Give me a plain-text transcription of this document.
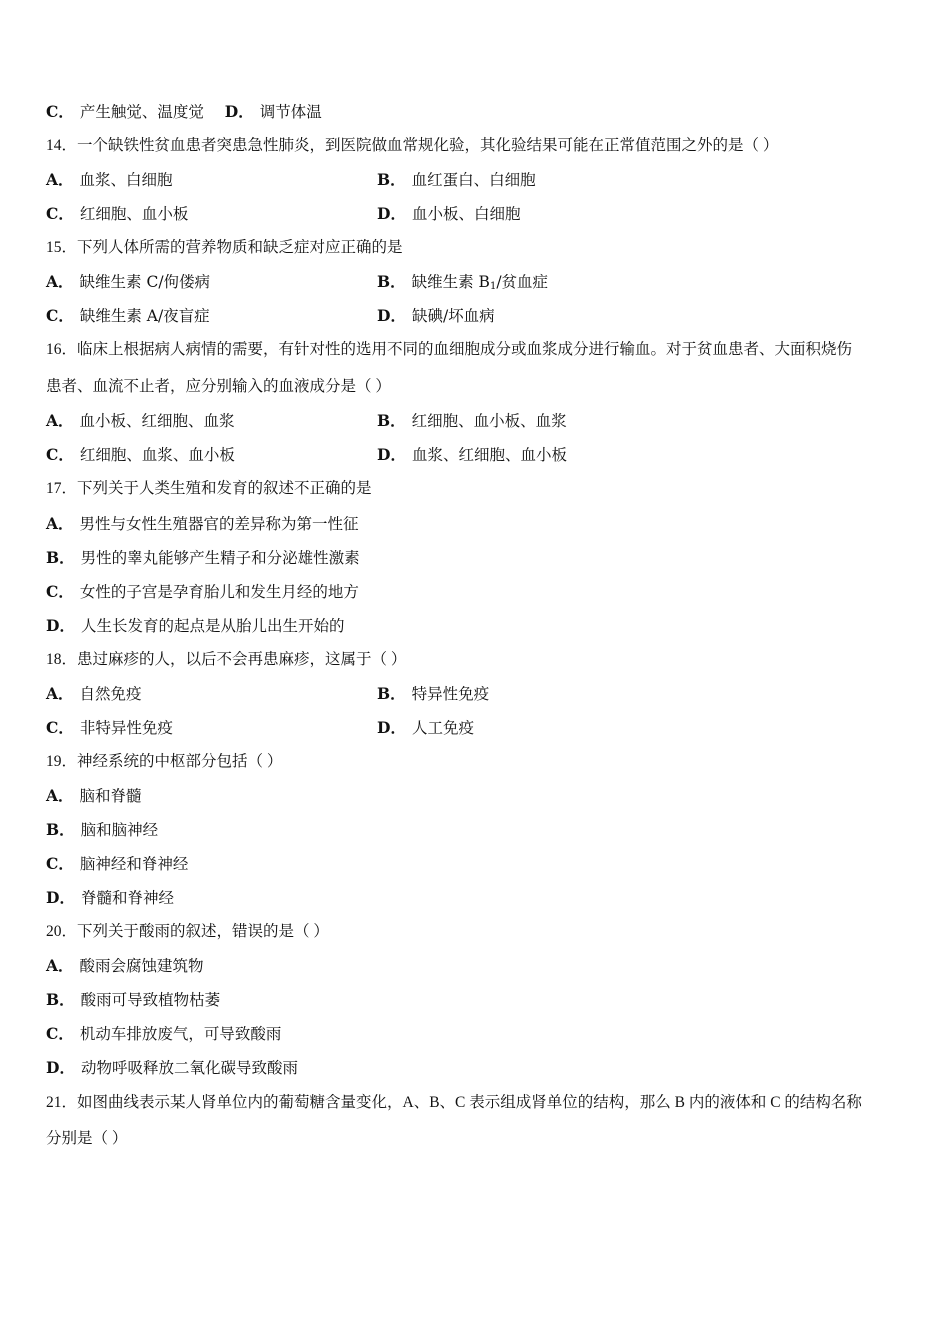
C． 产生触觉、温度觉 D． 调节体温
14．一个缺铁性贫血患者突患急性肺炎，到医院做血常规化验，其化验结果可能在正常值范围之外的是（ ）
A． 血浆、白细胞	B． 血红蛋白、白细胞
C． 红细胞、血小板	D． 血小板、白细胞
15．下列人体所需的营养物质和缺乏症对应正确的是
A． 缺维生素 C/佝偻病	B． 缺维生素 $B_1/$贫血症
C． 缺维生素 A/夜盲症	D． 缺碘/坏血病
16．临床上根据病人病情的需要，有针对性的选用不同的血细胞成分或血浆成分进行输血。对于贫血患者、大面积烧伤
患者、血流不止者，应分别输入的血液成分是（ ）
A． 血小板、红细胞、血浆	B． 红细胞、血小板、血浆
C． 红细胞、血浆、血小板	D． 血浆、红细胞、血小板
17．下列关于人类生殖和发育的叙述不正确的是
A． 男性与女性生殖器官的差异称为第一性征
B． 男性的睾丸能够产生精子和分泌雄性激素
C． 女性的子宫是孕育胎儿和发生月经的地方
D． 人生长发育的起点是从胎儿出生开始的
18．患过麻疹的人，以后不会再患麻疹，这属于（ ）
A． 自然免疫	B． 特异性免疫
C． 非特异性免疫	D． 人工免疫
19．神经系统的中枢部分包括（ ）
A． 脑和脊髓
B． 脑和脑神经
C． 脑神经和脊神经
D． 脊髓和脊神经
20．下列关于酸雨的叙述，错误的是（ ）
A． 酸雨会腐蚀建筑物
B． 酸雨可导致植物枯萎
C． 机动车排放废气，可导致酸雨
D． 动物呼吸释放二氧化碳导致酸雨
21．如图曲线表示某人肾单位内的葡萄糖含量变化，A、B、C 表示组成肾单位的结构，那么 B 内的液体和 C 的结构名称
分别是（ ）
